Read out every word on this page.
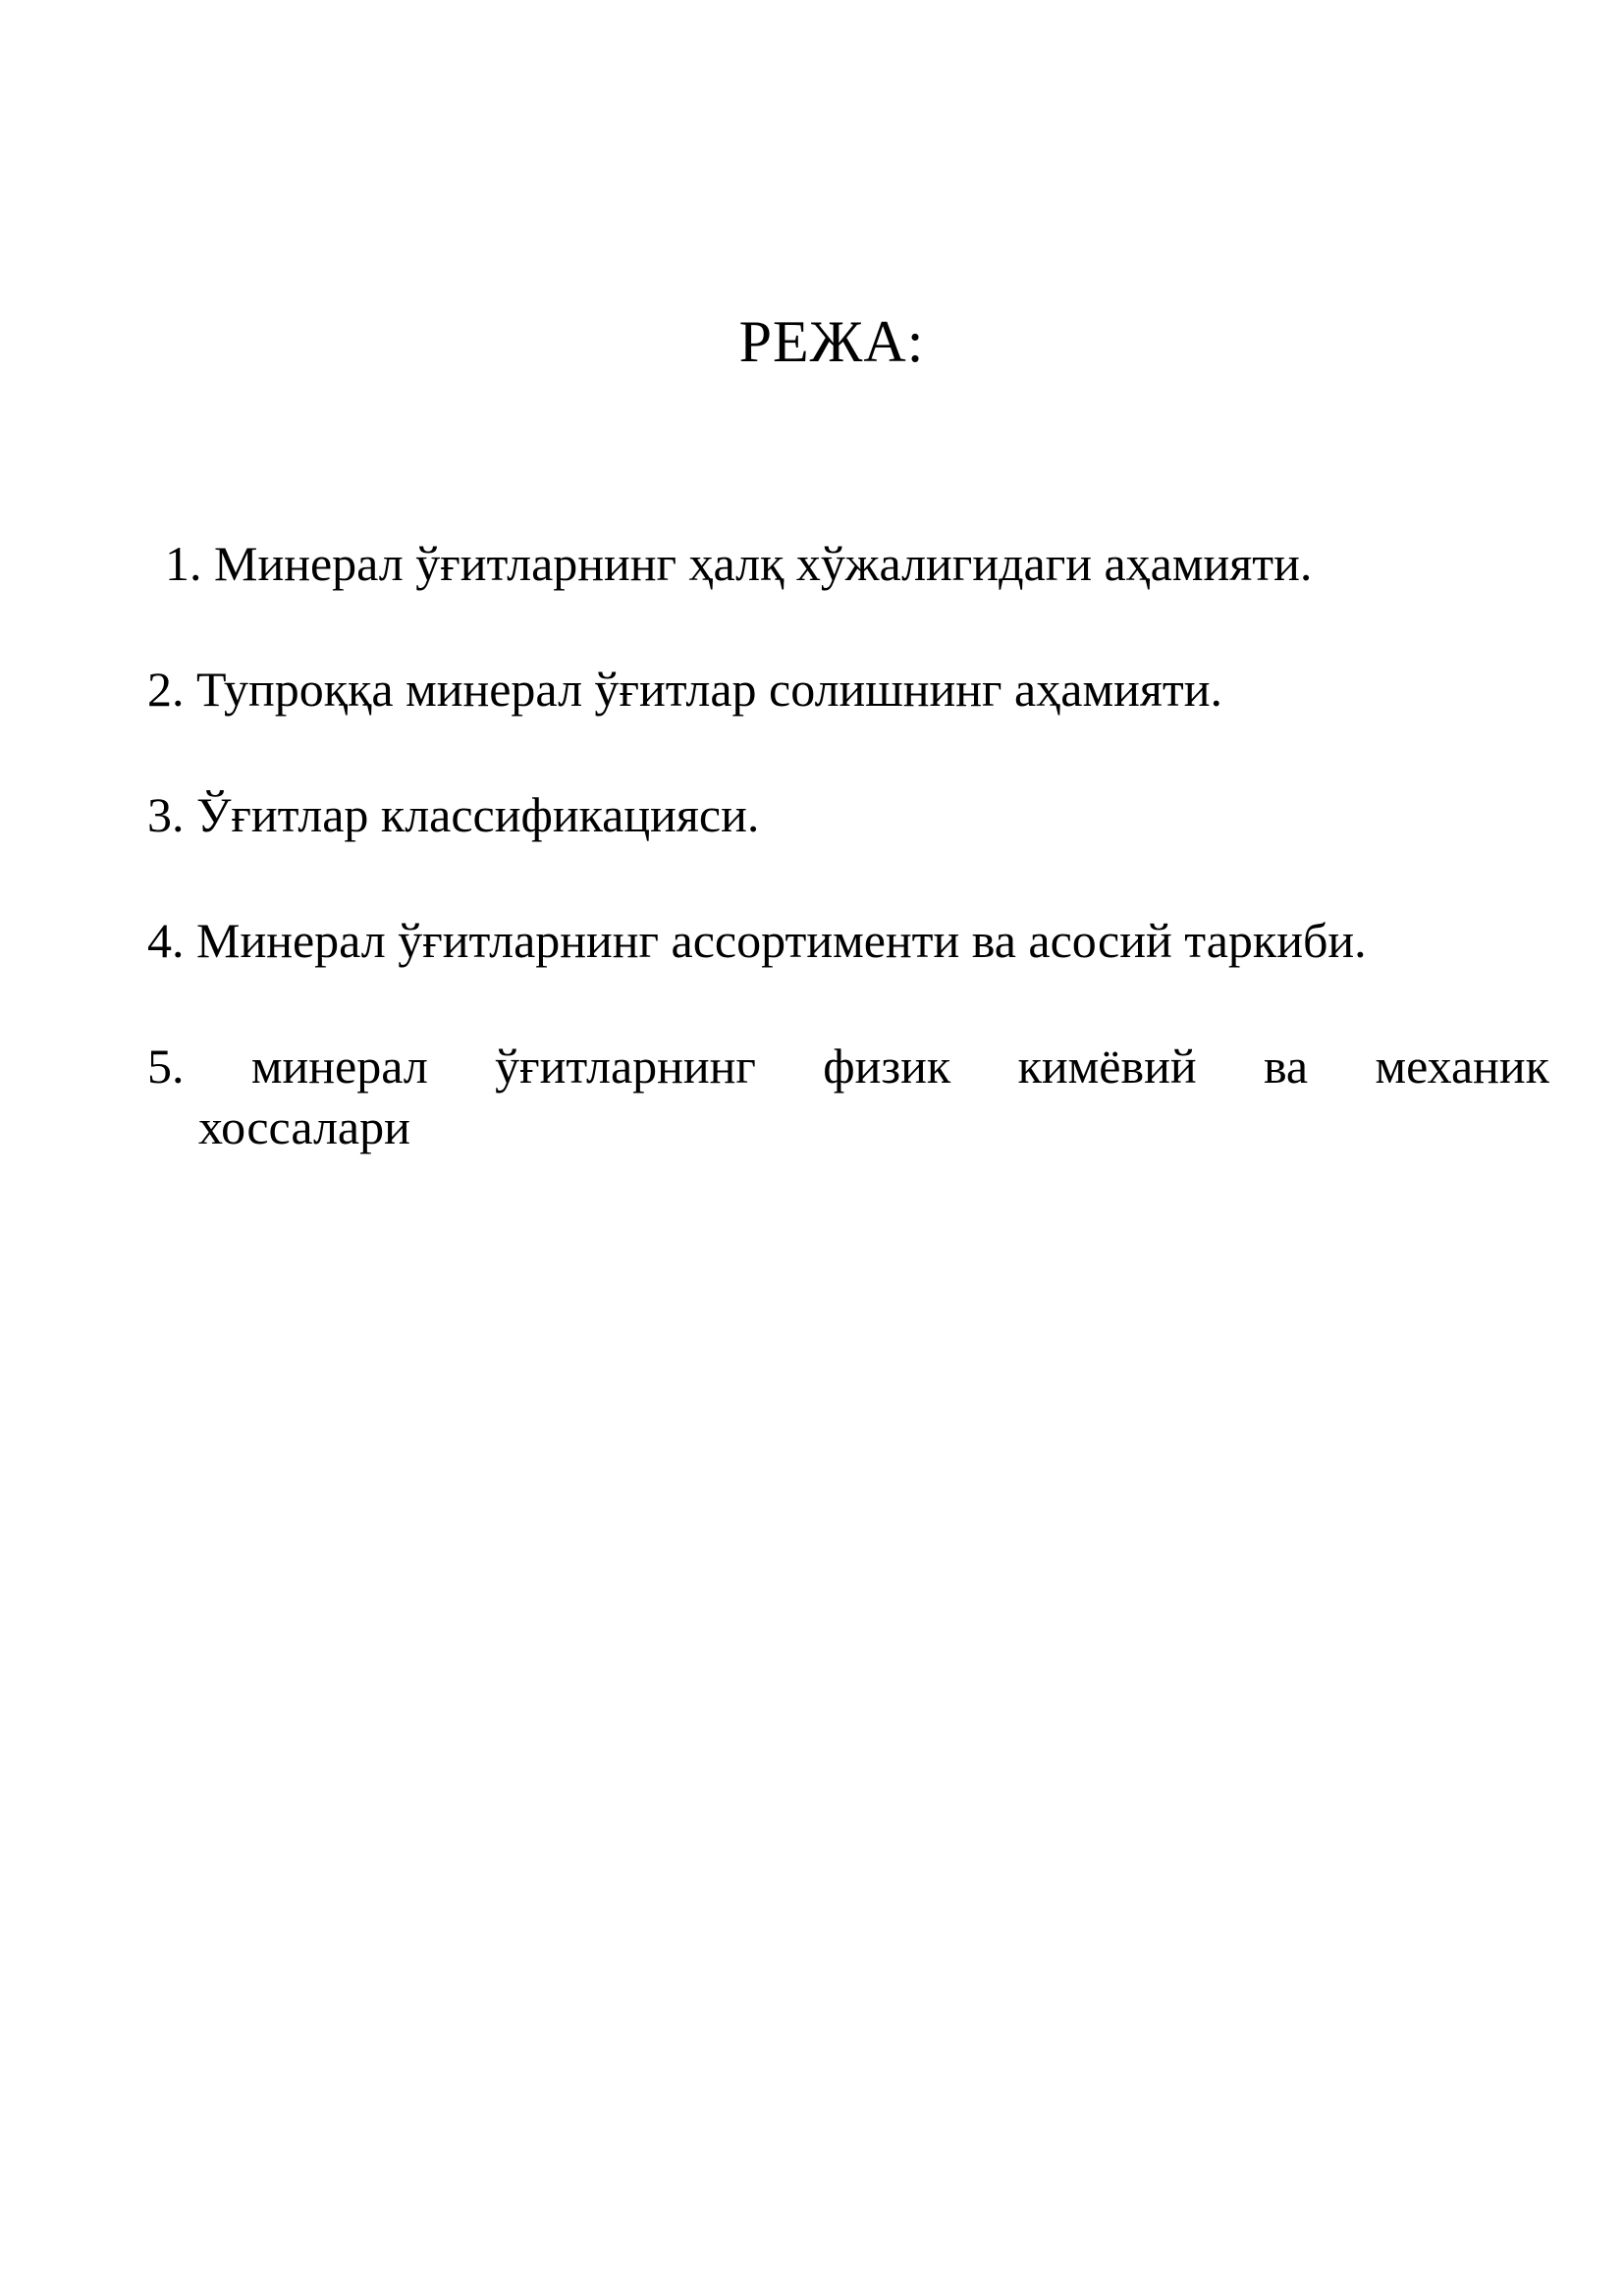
РЕЖА:
1. Минерал ўғитларнинг ҳалқ хўжалигидаги аҳамияти.
2. Тупроққа минерал ўғитлар солишнинг аҳамияти.
3. Ўғитлар классификацияси.
4. Минерал ўғитларнинг ассортименти ва асосий таркиби.
5. минерал ўғитларнинг физик кимёвий ва механик
хоссалари
